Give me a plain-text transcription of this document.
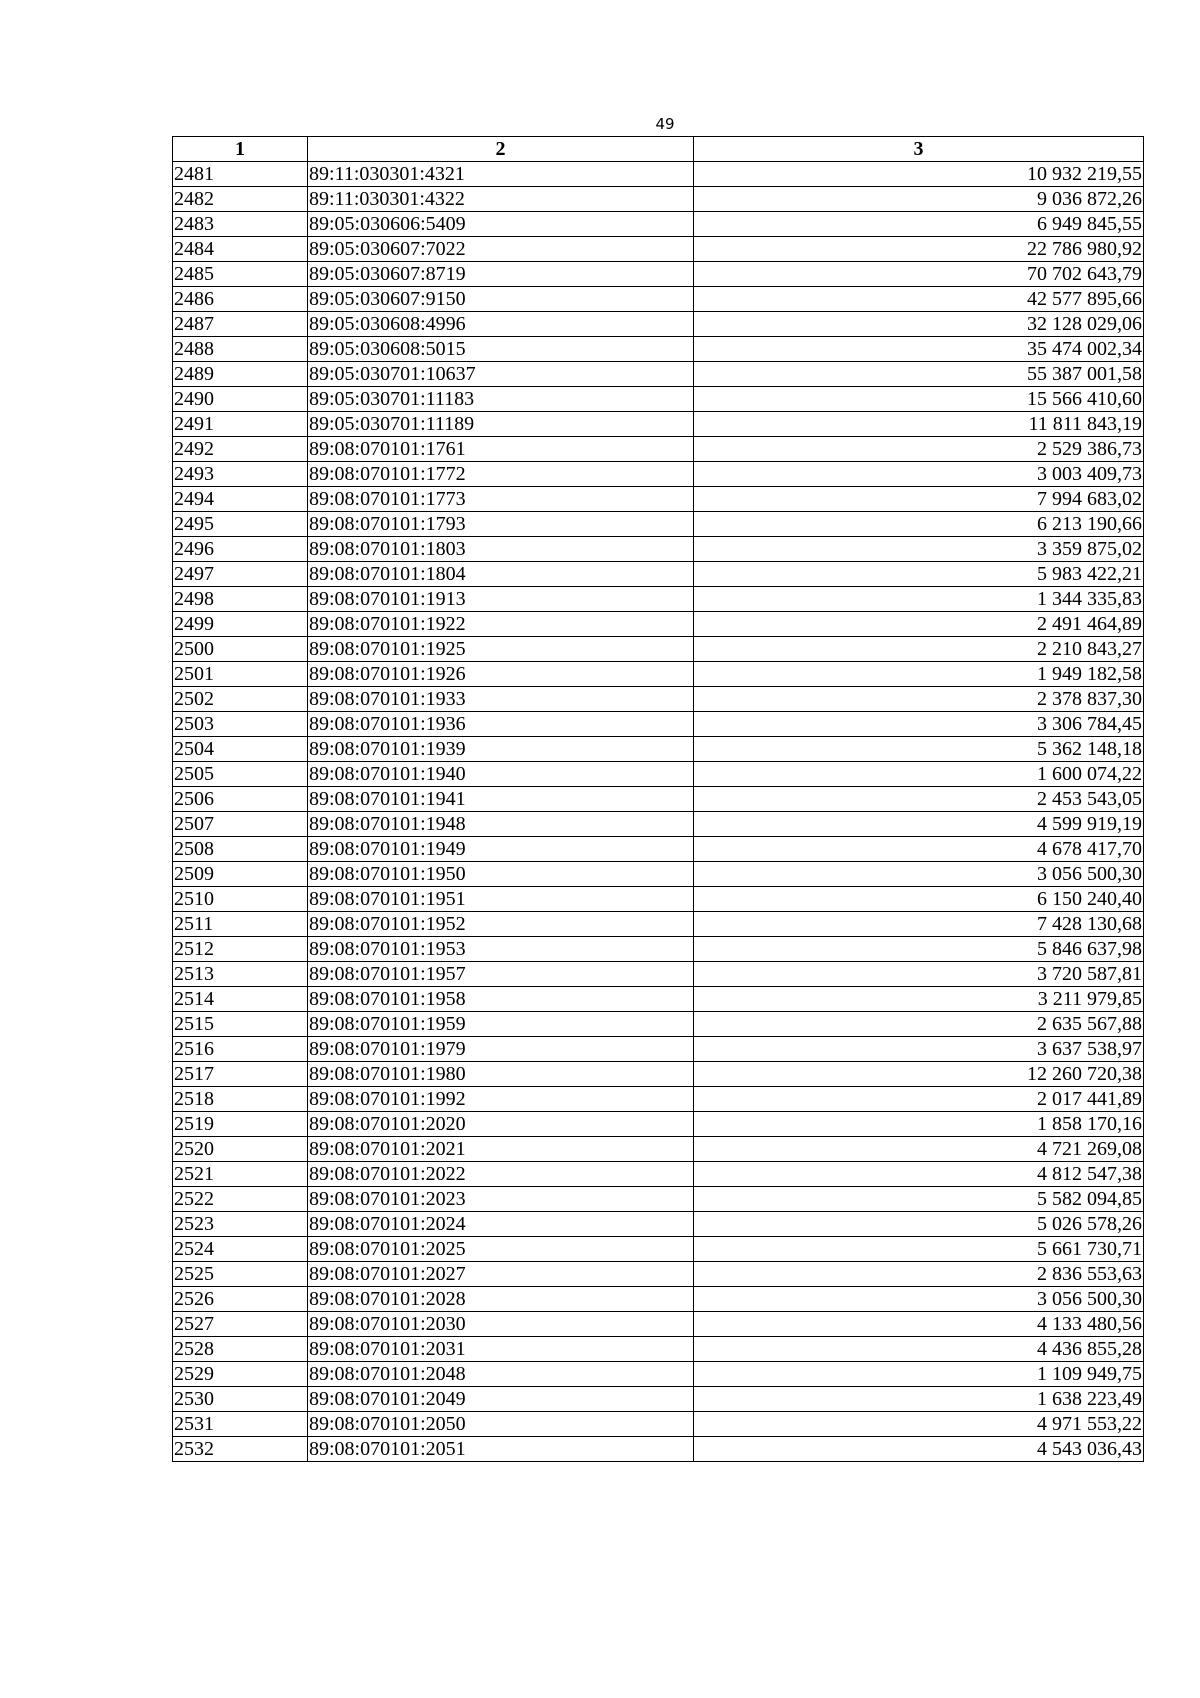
49
1	2	3
2481	89:11:030301:4321	10 932 219,55
2482	89:11:030301:4322	9 036 872,26
2483	89:05:030606:5409	6 949 845,55
2484	89:05:030607:7022	22 786 980,92
2485	89:05:030607:8719	70 702 643,79
2486	89:05:030607:9150	42 577 895,66
2487	89:05:030608:4996	32 128 029,06
2488	89:05:030608:5015	35 474 002,34
2489	89:05:030701:10637	55 387 001,58
2490	89:05:030701:11183	15 566 410,60
2491	89:05:030701:11189	11 811 843,19
2492	89:08:070101:1761	2 529 386,73
2493	89:08:070101:1772	3 003 409,73
2494	89:08:070101:1773	7 994 683,02
2495	89:08:070101:1793	6 213 190,66
2496	89:08:070101:1803	3 359 875,02
2497	89:08:070101:1804	5 983 422,21
2498	89:08:070101:1913	1 344 335,83
2499	89:08:070101:1922	2 491 464,89
2500	89:08:070101:1925	2 210 843,27
2501	89:08:070101:1926	1 949 182,58
2502	89:08:070101:1933	2 378 837,30
2503	89:08:070101:1936	3 306 784,45
2504	89:08:070101:1939	5 362 148,18
2505	89:08:070101:1940	1 600 074,22
2506	89:08:070101:1941	2 453 543,05
2507	89:08:070101:1948	4 599 919,19
2508	89:08:070101:1949	4 678 417,70
2509	89:08:070101:1950	3 056 500,30
2510	89:08:070101:1951	6 150 240,40
2511	89:08:070101:1952	7 428 130,68
2512	89:08:070101:1953	5 846 637,98
2513	89:08:070101:1957	3 720 587,81
2514	89:08:070101:1958	3 211 979,85
2515	89:08:070101:1959	2 635 567,88
2516	89:08:070101:1979	3 637 538,97
2517	89:08:070101:1980	12 260 720,38
2518	89:08:070101:1992	2 017 441,89
2519	89:08:070101:2020	1 858 170,16
2520	89:08:070101:2021	4 721 269,08
2521	89:08:070101:2022	4 812 547,38
2522	89:08:070101:2023	5 582 094,85
2523	89:08:070101:2024	5 026 578,26
2524	89:08:070101:2025	5 661 730,71
2525	89:08:070101:2027	2 836 553,63
2526	89:08:070101:2028	3 056 500,30
2527	89:08:070101:2030	4 133 480,56
2528	89:08:070101:2031	4 436 855,28
2529	89:08:070101:2048	1 109 949,75
2530	89:08:070101:2049	1 638 223,49
2531	89:08:070101:2050	4 971 553,22
2532	89:08:070101:2051	4 543 036,43
